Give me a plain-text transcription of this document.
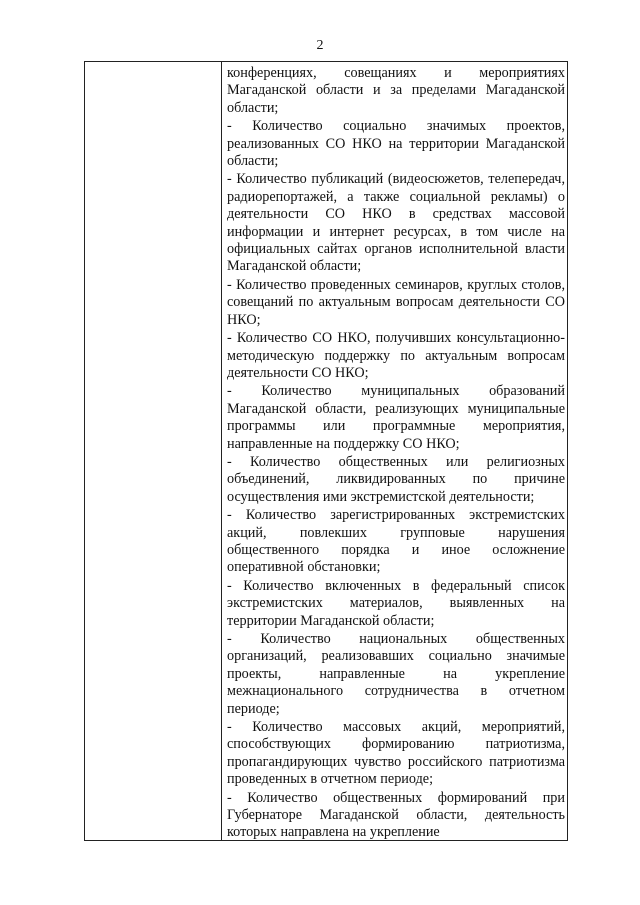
2

конференциях, совещаниях и мероприятиях Магаданской области и за пределами Магаданской области;

- Количество социально значимых проектов, реализованных СО НКО на территории Магаданской области;

- Количество публикаций (видеосюжетов, телепередач, радиорепортажей, а также социальной рекламы) о деятельности СО НКО в средствах массовой информации и интернет ресурсах, в том числе на официальных сайтах органов исполнительной власти Магаданской области;

- Количество проведенных семинаров, круглых столов, совещаний по актуальным вопросам деятельности СО НКО;

- Количество СО НКО, получивших консультационно-методическую поддержку по актуальным вопросам деятельности СО НКО;

- Количество муниципальных образований Магаданской области, реализующих муниципальные программы или программные мероприятия, направленные на поддержку СО НКО;

- Количество общественных или религиозных объединений, ликвидированных по причине осуществления ими экстремистской деятельности;

- Количество зарегистрированных экстремистских акций, повлекших групповые нарушения общественного порядка и иное осложнение оперативной обстановки;

- Количество включенных в федеральный список экстремистских материалов, выявленных на территории Магаданской области;

- Количество национальных общественных организаций, реализовавших социально значимые проекты, направленные на укрепление межнационального сотрудничества в отчетном периоде;

- Количество массовых акций, мероприятий, способствующих формированию патриотизма, пропагандирующих чувство российского патриотизма проведенных в отчетном периоде;

- Количество общественных формирований при Губернаторе Магаданской области, деятельность которых направлена на укрепление
